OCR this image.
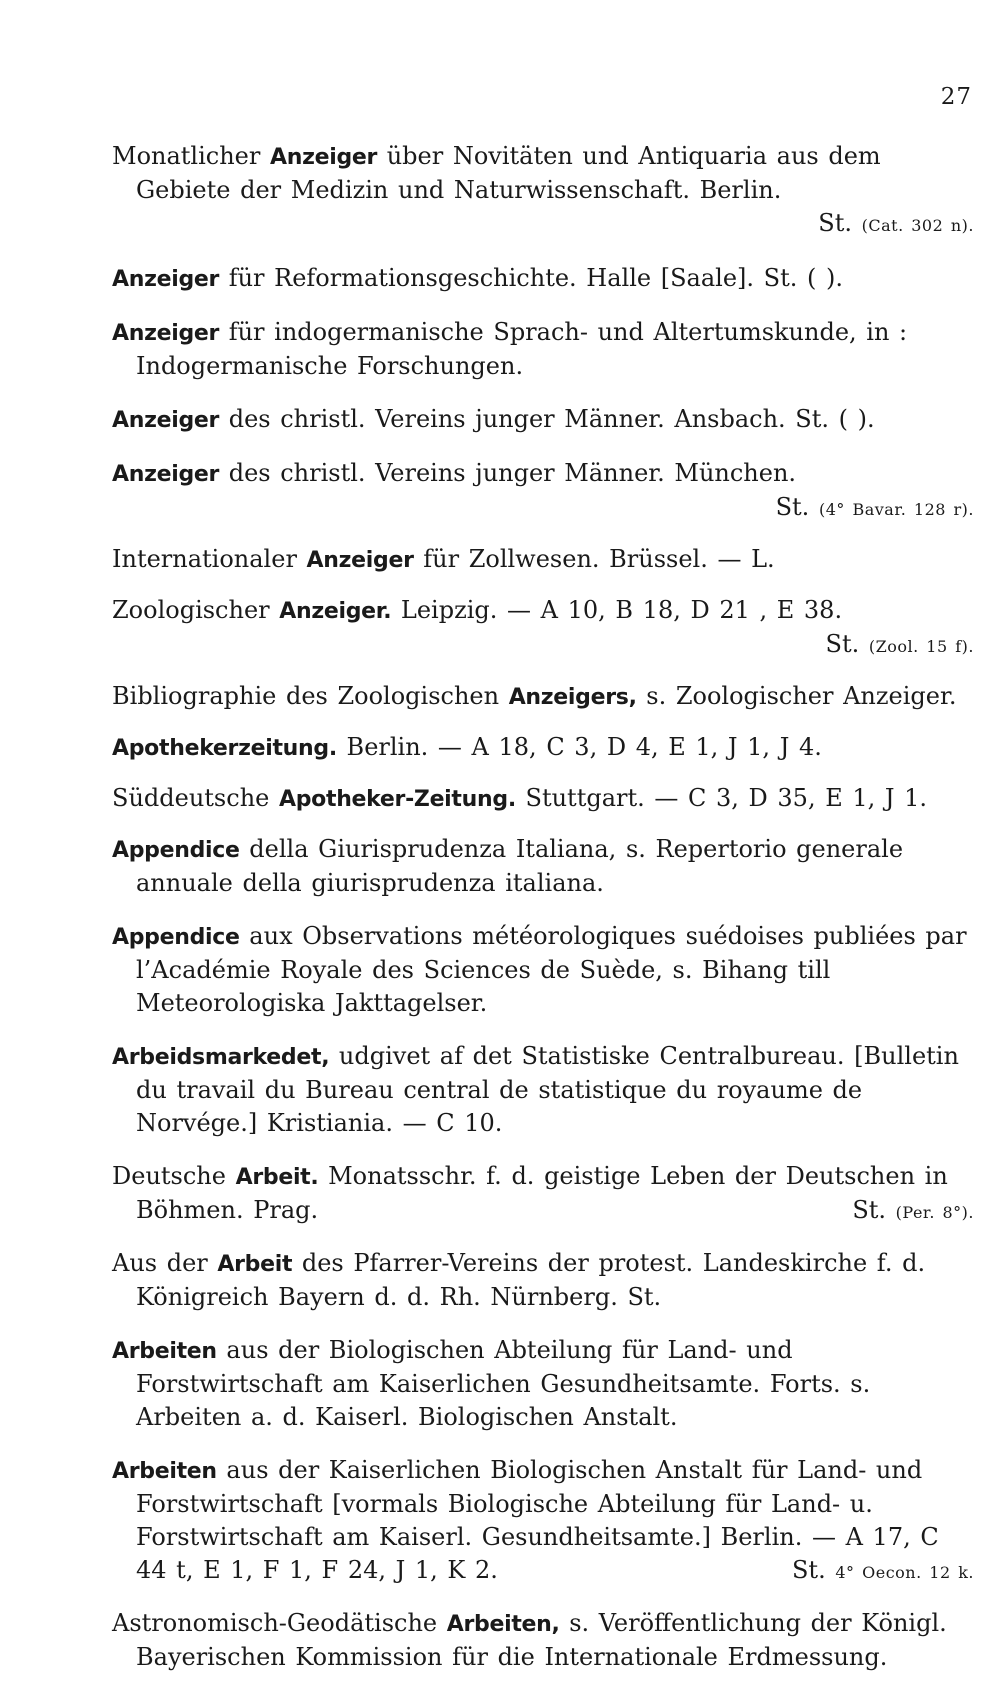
27
Monatlicher Anzeiger über Novitäten und Antiquaria aus dem Gebiete der Medizin und Naturwissenschaft. Berlin.
St. (Cat. 302 n).
Anzeiger für Reformationsgeschichte. Halle [Saale]. St. ( ).
Anzeiger für indogermanische Sprach- und Altertumskunde, in : Indogermanische Forschungen.
Anzeiger des christl. Vereins junger Männer. Ansbach. St. ( ).
Anzeiger des christl. Vereins junger Männer. München.
St. (4° Bavar. 128 r).
Internationaler Anzeiger für Zollwesen. Brüssel. — L.
Zoologischer Anzeiger. Leipzig. — A 10, B 18, D 21 , E 38.
St. (Zool. 15 f).
Bibliographie des Zoologischen Anzeigers, s. Zoologischer Anzeiger.
Apothekerzeitung. Berlin. — A 18, C 3, D 4, E 1, J 1, J 4.
Süddeutsche Apotheker-Zeitung. Stuttgart. — C 3, D 35, E 1, J 1.
Appendice della Giurisprudenza Italiana, s. Repertorio generale annuale della giurisprudenza italiana.
Appendice aux Observations météorologiques suédoises publiées par l’Académie Royale des Sciences de Suède, s. Bihang till Meteorologiska Jakttagelser.
Arbeidsmarkedet, udgivet af det Statistiske Centralbureau. [Bulletin du travail du Bureau central de statistique du royaume de Norvége.] Kristiania. — C 10.
Deutsche Arbeit. Monatsschr. f. d. geistige Leben der Deutschen in Böhmen. Prag.	St. (Per. 8°).
Aus der Arbeit des Pfarrer-Vereins der protest. Landeskirche f. d. Königreich Bayern d. d. Rh. Nürnberg. St.
Arbeiten aus der Biologischen Abteilung für Land- und Forstwirtschaft am Kaiserlichen Gesundheitsamte. Forts. s. Arbeiten a. d. Kaiserl. Biologischen Anstalt.
Arbeiten aus der Kaiserlichen Biologischen Anstalt für Land- und Forstwirtschaft [vormals Biologische Abteilung für Land- u. Forstwirtschaft am Kaiserl. Gesundheitsamte.] Berlin. — A 17, C 44 t, E 1, F 1, F 24, J 1, K 2.	St. 4° Oecon. 12 k.
Astronomisch-Geodätische Arbeiten, s. Veröffentlichung der Königl. Bayerischen Kommission für die Internationale Erdmessung.
